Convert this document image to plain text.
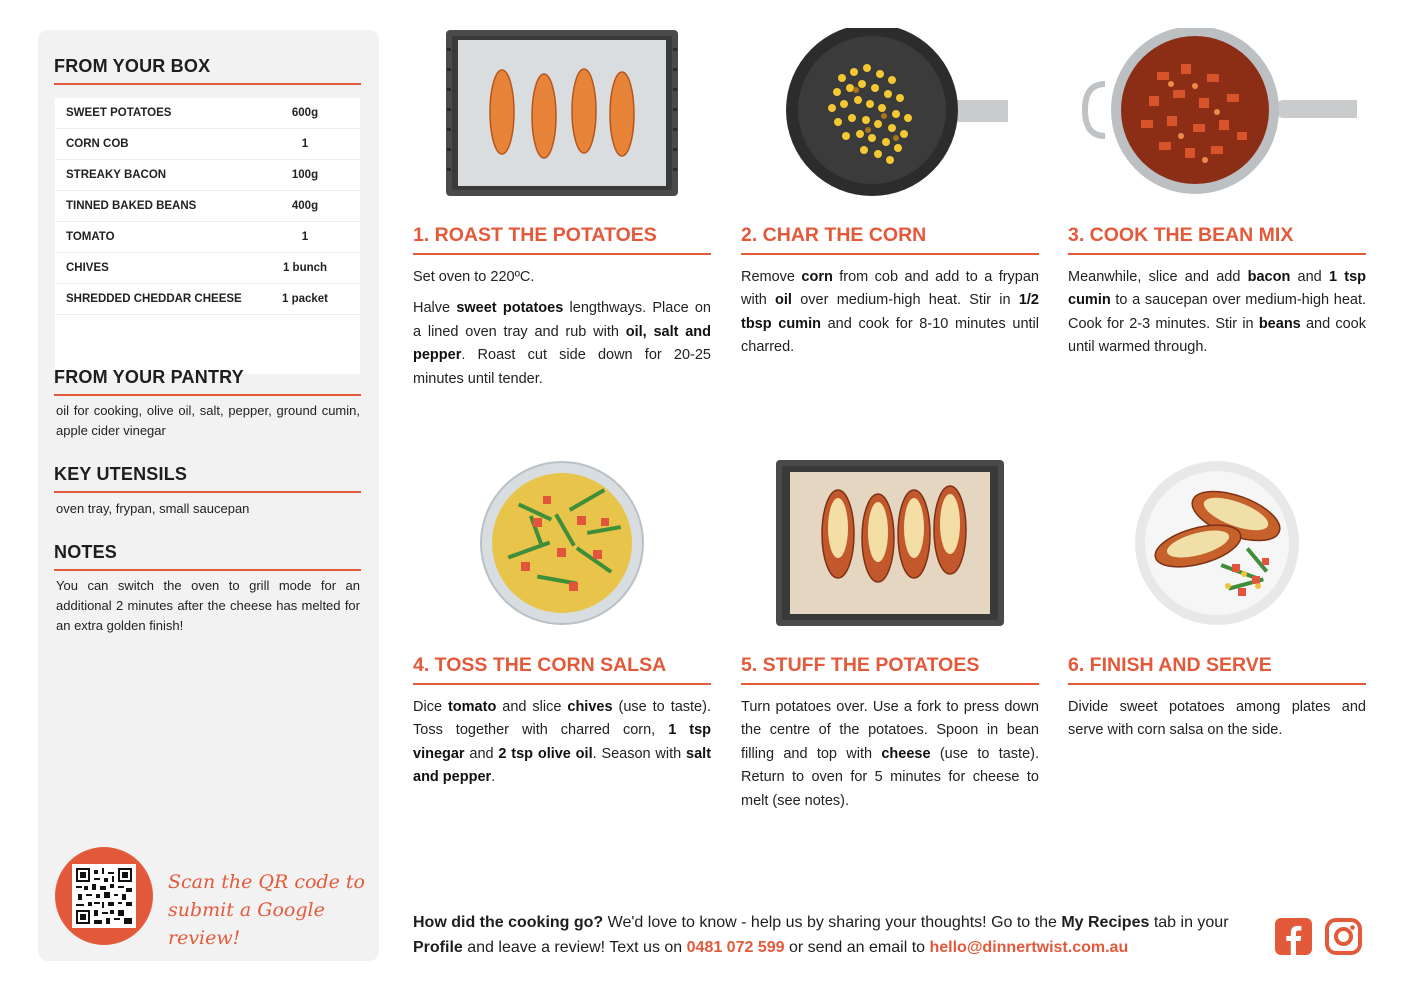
FROM YOUR BOX
SWEET POTATOES	600g
CORN COB	1
STREAKY BACON	100g
TINNED BAKED BEANS	400g
TOMATO	1
CHIVES	1 bunch
SHREDDED CHEDDAR CHEESE	1 packet
FROM YOUR PANTRY
oil for cooking, olive oil, salt, pepper, ground cumin, apple cider vinegar
KEY UTENSILS
oven tray, frypan, small saucepan
NOTES
You can switch the oven to grill mode for an additional 2 minutes after the cheese has melted for an extra golden finish!
Scan the QR code to
submit a Google review!
1. ROAST THE POTATOES

Set oven to 220ºC.

Halve sweet potatoes lengthways. Place on a lined oven tray and rub with oil, salt and pepper. Roast cut side down for 20-25 minutes until tender.

2. CHAR THE CORN

Remove corn from cob and add to a frypan with oil over medium-high heat. Stir in 1/2 tbsp cumin and cook for 8-10 minutes until charred.

3. COOK THE BEAN MIX

Meanwhile, slice and add bacon and 1 tsp cumin to a saucepan over medium-high heat. Cook for 2-3 minutes. Stir in beans and cook until warmed through.

4. TOSS THE CORN SALSA

Dice tomato and slice chives (use to taste). Toss together with charred corn, 1 tsp vinegar and 2 tsp olive oil. Season with salt and pepper.

5. STUFF THE POTATOES

Turn potatoes over. Use a fork to press down the centre of the potatoes. Spoon in bean filling and top with cheese (use to taste). Return to oven for 5 minutes for cheese to melt (see notes).

6. FINISH AND SERVE

Divide sweet potatoes among plates and serve with corn salsa on the side.

How did the cooking go? We'd love to know - help us by sharing your thoughts! Go to the My Recipes tab in your Profile and leave a review! Text us on 0481 072 599 or send an email to hello@dinnertwist.com.au
